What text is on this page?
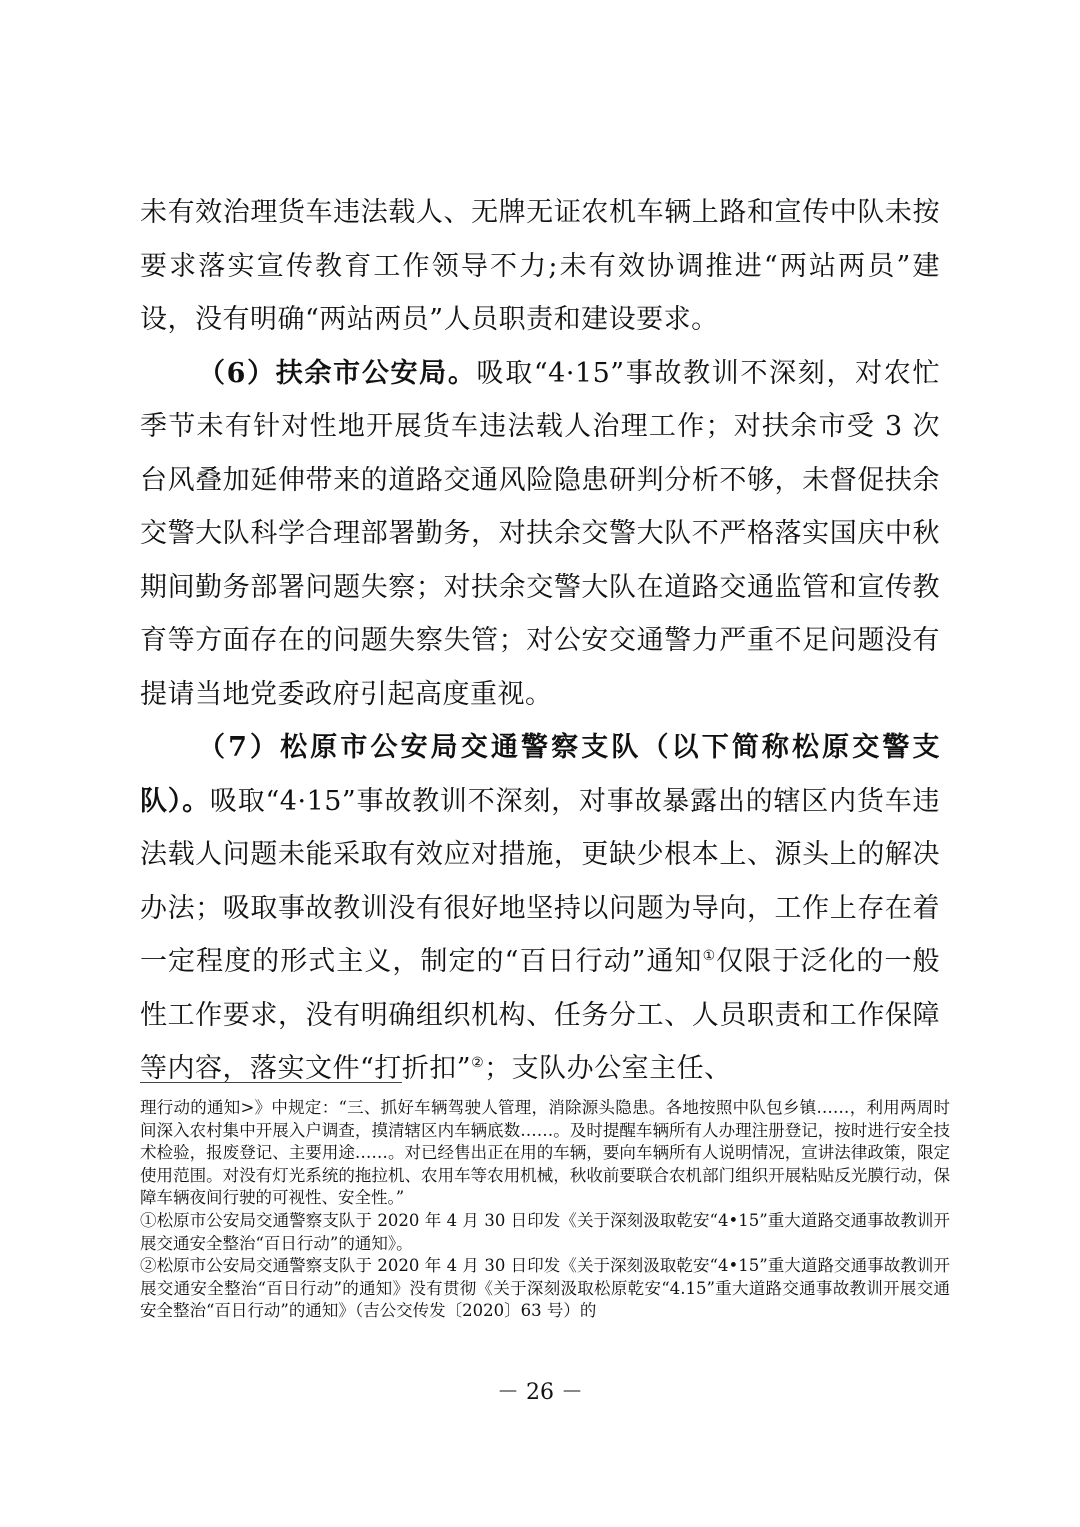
未有效治理货车违法载人、无牌无证农机车辆上路和宣传中队未按要求落实宣传教育工作领导不力;未有效协调推进“两站两员”建设，没有明确“两站两员”人员职责和建设要求。

（6）扶余市公安局。吸取“4·15”事故教训不深刻，对农忙季节未有针对性地开展货车违法载人治理工作；对扶余市受 3 次台风叠加延伸带来的道路交通风险隐患研判分析不够，未督促扶余交警大队科学合理部署勤务，对扶余交警大队不严格落实国庆中秋期间勤务部署问题失察；对扶余交警大队在道路交通监管和宣传教育等方面存在的问题失察失管；对公安交通警力严重不足问题没有提请当地党委政府引起高度重视。

（7）松原市公安局交通警察支队（以下简称松原交警支队）。吸取“4·15”事故教训不深刻，对事故暴露出的辖区内货车违法载人问题未能采取有效应对措施，更缺少根本上、源头上的解决办法；吸取事故教训没有很好地坚持以问题为导向，工作上存在着一定程度的形式主义，制定的“百日行动”通知①仅限于泛化的一般性工作要求，没有明确组织机构、任务分工、人员职责和工作保障等内容，落实文件“打折扣”②；支队办公室主任、

理行动的通知>》中规定：“三、抓好车辆驾驶人管理，消除源头隐患。各地按照中队包乡镇……，利用两周时间深入农村集中开展入户调查，摸清辖区内车辆底数……。及时提醒车辆所有人办理注册登记，按时进行安全技术检验，报废登记、主要用途……。对已经售出正在用的车辆，要向车辆所有人说明情况，宣讲法律政策，限定使用范围。对没有灯光系统的拖拉机、农用车等农用机械，秋收前要联合农机部门组织开展粘贴反光膜行动，保障车辆夜间行驶的可视性、安全性。”

①松原市公安局交通警察支队于 2020 年 4 月 30 日印发《关于深刻汲取乾安“4•15”重大道路交通事故教训开展交通安全整治“百日行动”的通知》。

②松原市公安局交通警察支队于 2020 年 4 月 30 日印发《关于深刻汲取乾安“4•15”重大道路交通事故教训开展交通安全整治“百日行动”的通知》没有贯彻《关于深刻汲取松原乾安“4.15”重大道路交通事故教训开展交通安全整治“百日行动”的通知》（吉公交传发〔2020〕63 号）的

－ 26 －
